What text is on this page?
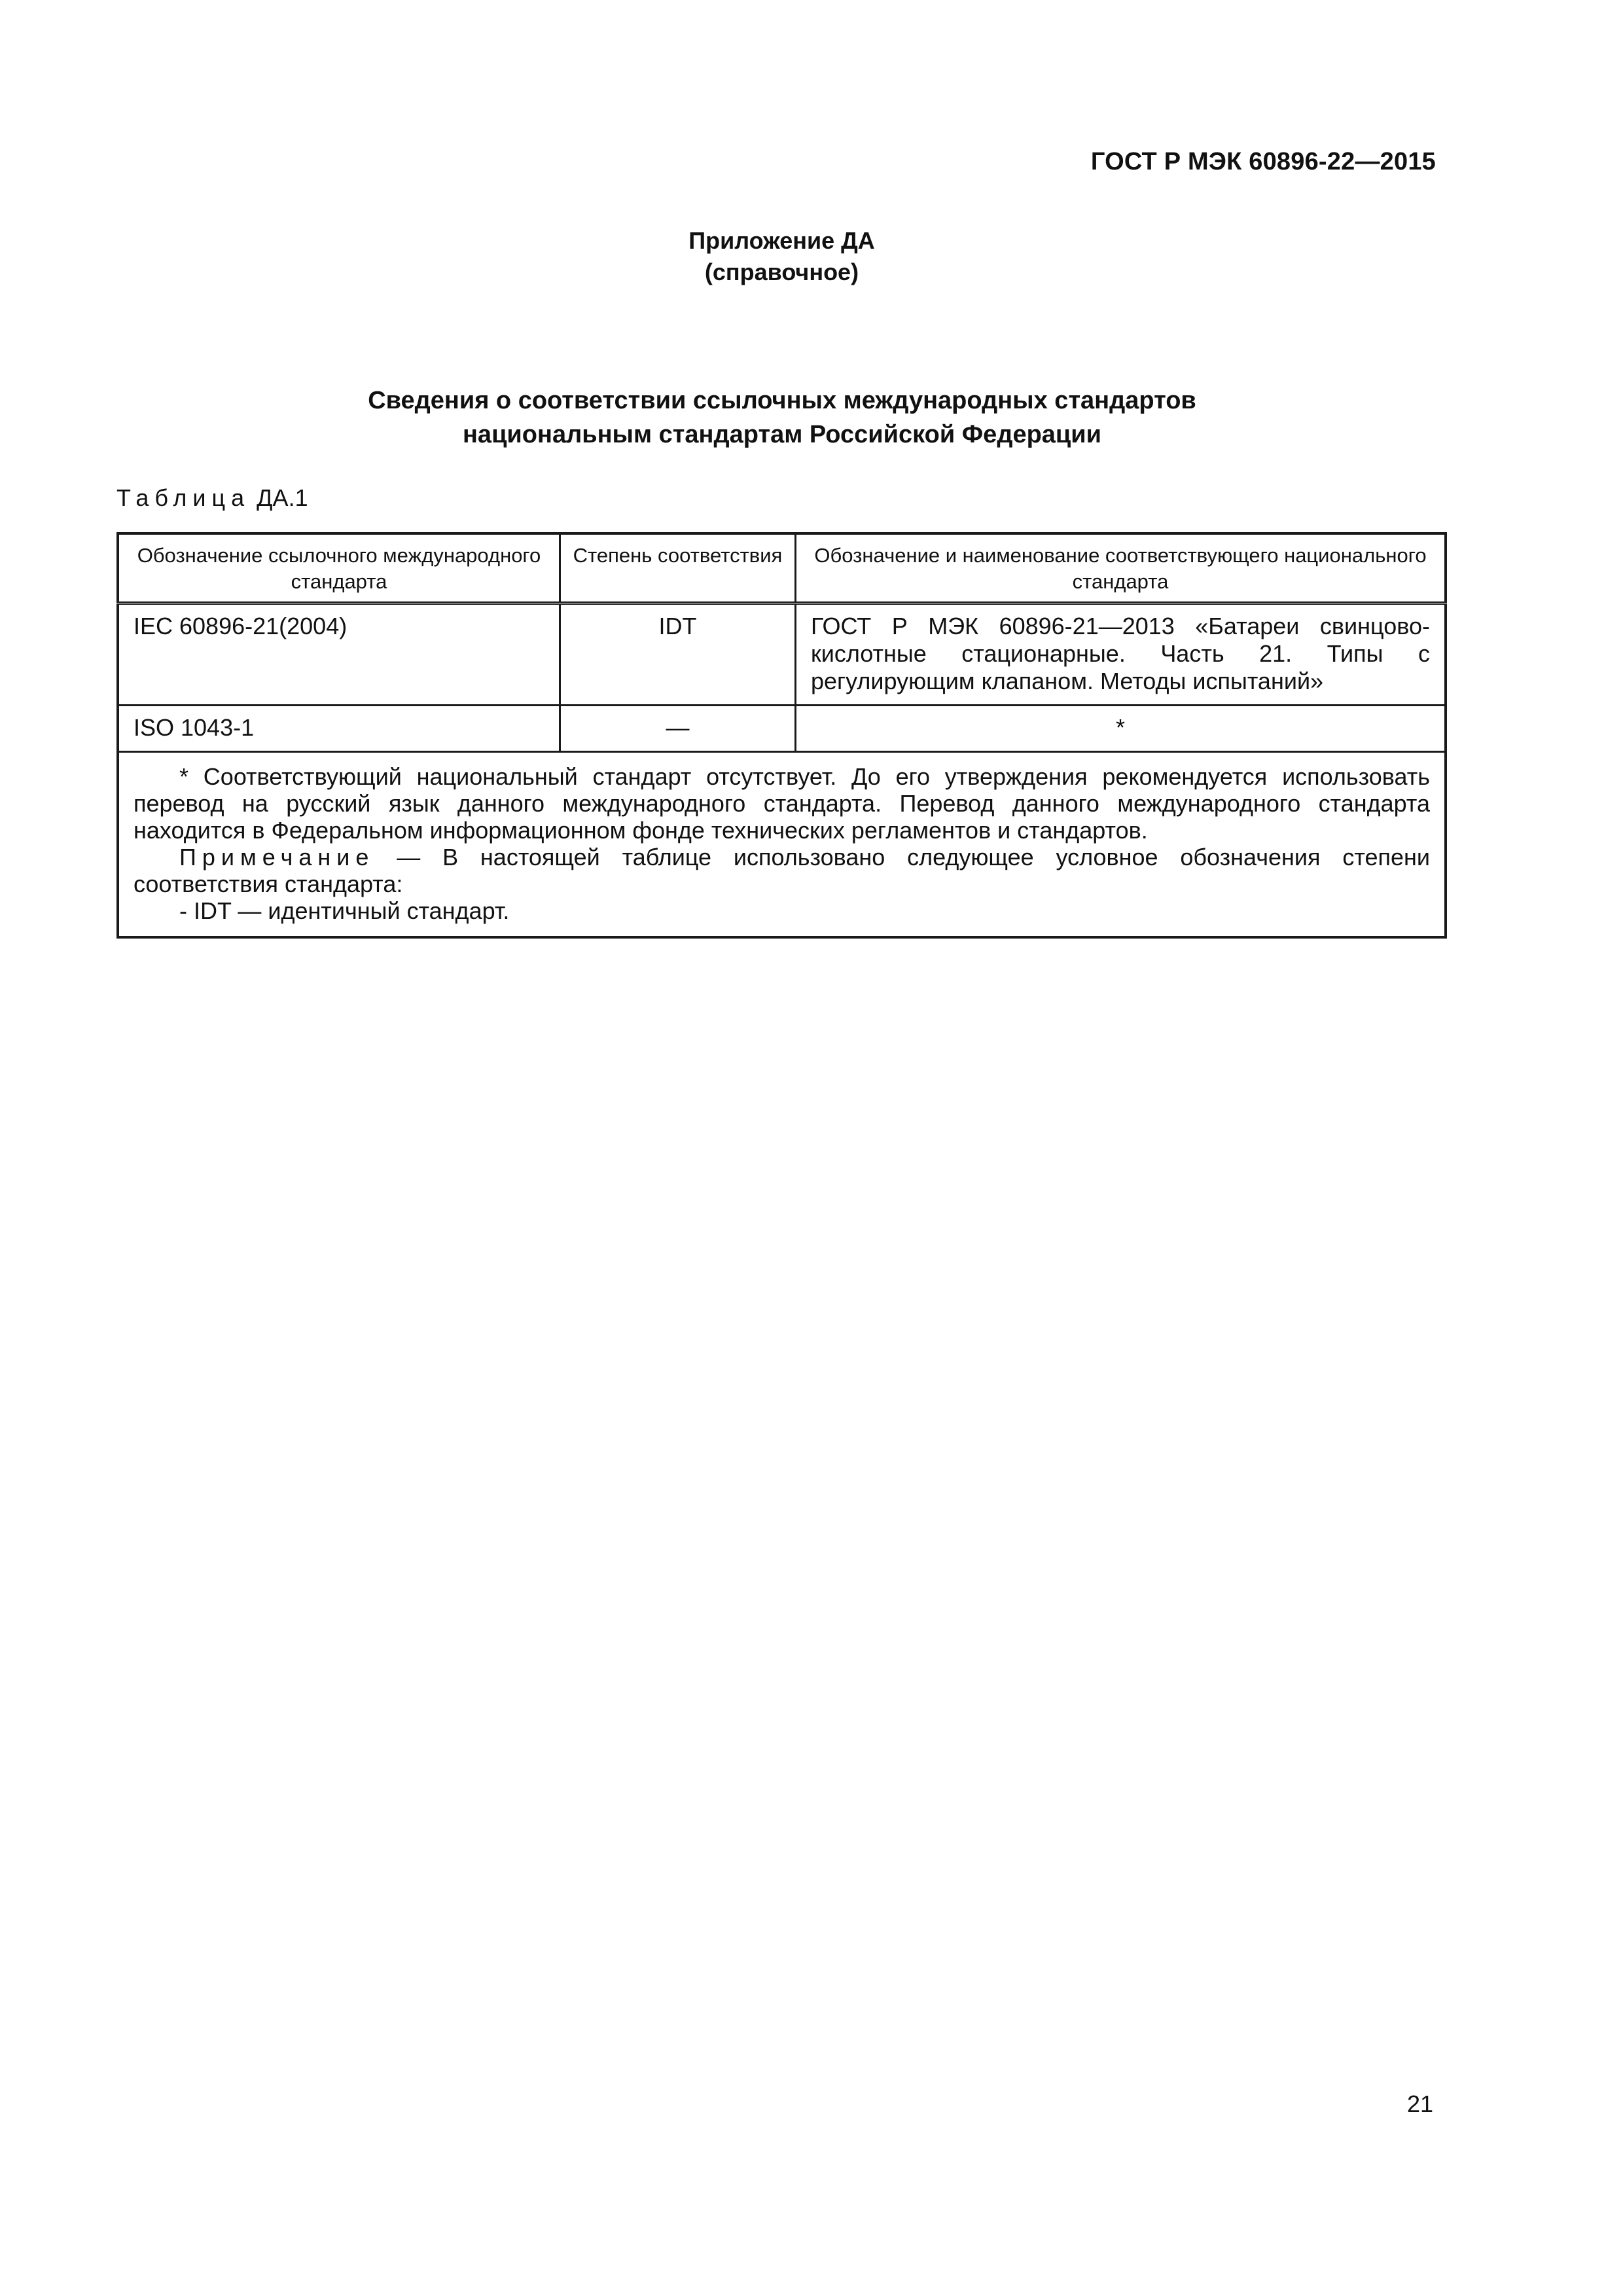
ГОСТ Р МЭК 60896-22—2015
Приложение ДА
(справочное)
Сведения о соответствии ссылочных международных стандартов
национальным стандартам Российской Федерации
Таблица ДА.1
Обозначение ссылочного международного стандарта	Степень соответствия	Обозначение и наименование соответствующего национального стандарта
IEC 60896-21(2004)	IDT	ГОСТ Р МЭК 60896-21—2013 «Батареи свинцово-кислотные стационарные. Часть 21. Типы с регулирующим клапаном. Методы испытаний»
ISO 1043-1	—	*

* Соответствующий национальный стандарт отсутствует. До его утверждения рекомендуется использовать перевод на русский язык данного международного стандарта. Перевод данного международного стандарта находится в Федеральном информационном фонде технических регламентов и стандартов.
Примечание — В настоящей таблице использовано следующее условное обозначения степени соответствия стандарта:
- IDT — идентичный стандарт.		
21
